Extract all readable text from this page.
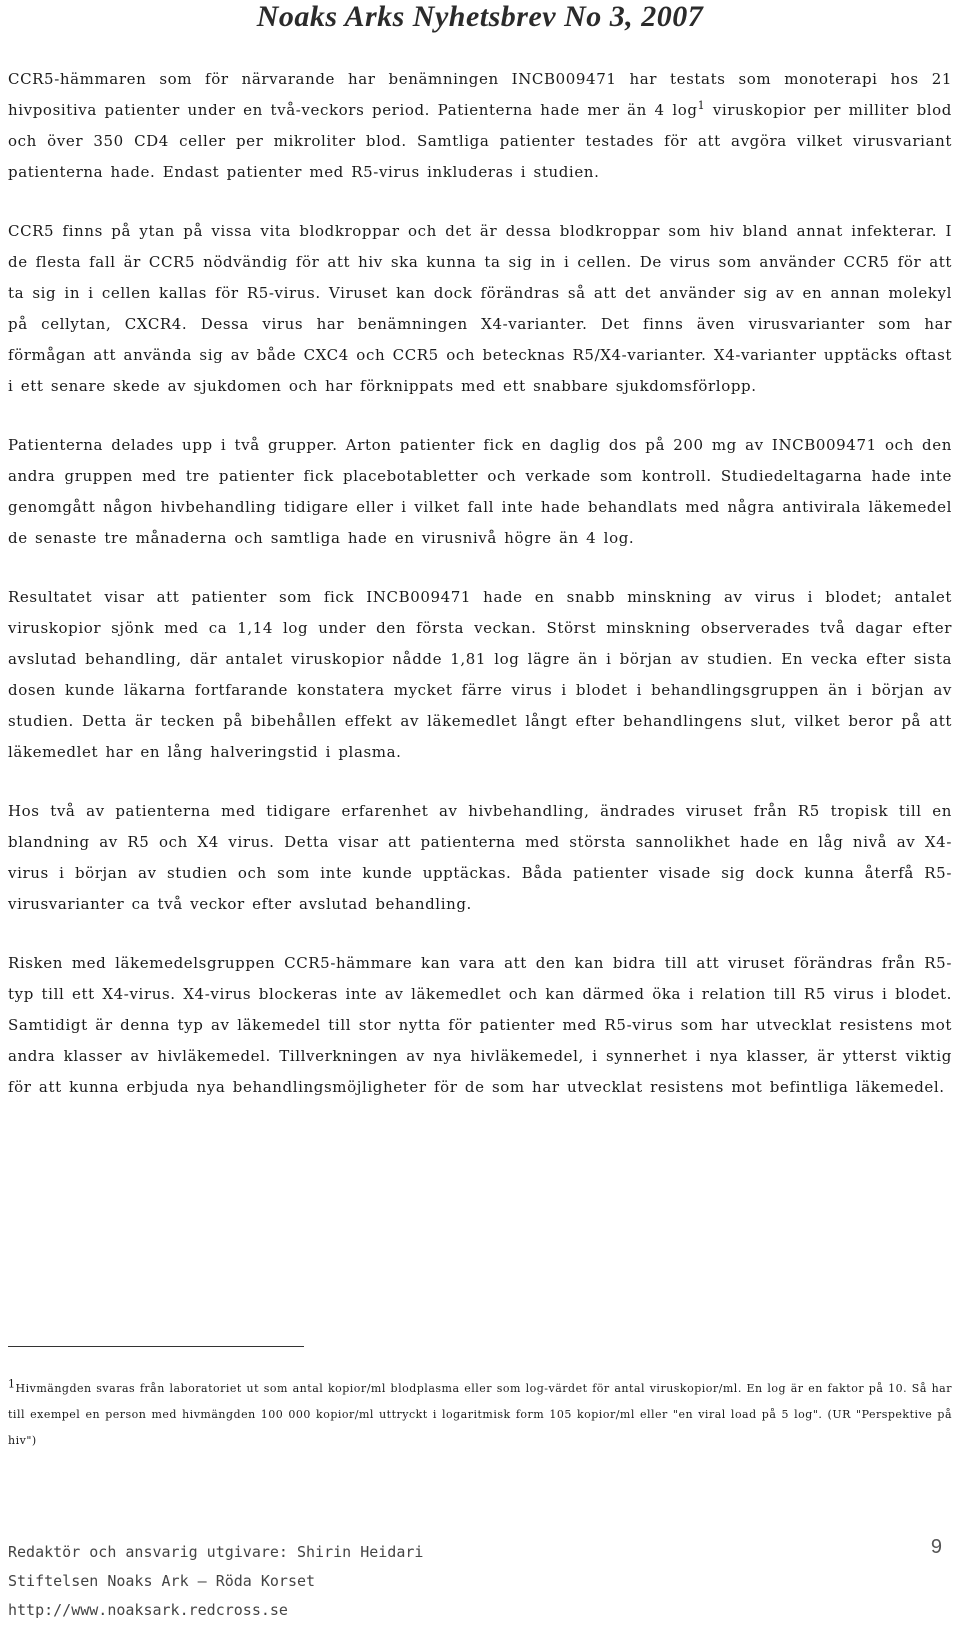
Noaks Arks Nyhetsbrev No 3, 2007

CCR5-hämmaren som för närvarande har benämningen INCB009471 har testats som monoterapi hos 21 hivpositiva patienter under en två-veckors period. Patienterna hade mer än 4 log$^1$ viruskopior per milliter blod och över 350 CD4 celler per mikroliter blod. Samtliga patienter testades för att avgöra vilket virusvariant patienterna hade. Endast patienter med R5-virus inkluderas i studien.

CCR5 finns på ytan på vissa vita blodkroppar och det är dessa blodkroppar som hiv bland annat infekterar. I de flesta fall är CCR5 nödvändig för att hiv ska kunna ta sig in i cellen. De virus som använder CCR5 för att ta sig in i cellen kallas för R5-virus. Viruset kan dock förändras så att det använder sig av en annan molekyl på cellytan, CXCR4. Dessa virus har benämningen X4-varianter. Det finns även virusvarianter som har förmågan att använda sig av både CXC4 och CCR5 och betecknas R5/X4-varianter. X4-varianter upptäcks oftast i ett senare skede av sjukdomen och har förknippats med ett snabbare sjukdomsförlopp.

Patienterna delades upp i två grupper. Arton patienter fick en daglig dos på 200 mg av INCB009471 och den andra gruppen med tre patienter fick placebotabletter och verkade som kontroll. Studiedeltagarna hade inte genomgått någon hivbehandling tidigare eller i vilket fall inte hade behandlats med några antivirala läkemedel de senaste tre månaderna och samtliga hade en virusnivå högre än 4 log.

Resultatet visar att patienter som fick INCB009471 hade en snabb minskning av virus i blodet; antalet viruskopior sjönk med ca 1,14 log under den första veckan. Störst minskning observerades två dagar efter avslutad behandling, där antalet viruskopior nådde 1,81 log lägre än i början av studien. En vecka efter sista dosen kunde läkarna fortfarande konstatera mycket färre virus i blodet i behandlingsgruppen än i början av studien. Detta är tecken på bibehållen effekt av läkemedlet långt efter behandlingens slut, vilket beror på att läkemedlet har en lång halveringstid i plasma.

Hos två av patienterna med tidigare erfarenhet av hivbehandling, ändrades viruset från R5 tropisk till en blandning av R5 och X4 virus. Detta visar att patienterna med största sannolikhet hade en låg nivå av X4-virus i början av studien och som inte kunde upptäckas. Båda patienter visade sig dock kunna återfå R5-virusvarianter ca två veckor efter avslutad behandling.

Risken med läkemedelsgruppen CCR5-hämmare kan vara att den kan bidra till att viruset förändras från R5-typ till ett X4-virus. X4-virus blockeras inte av läkemedlet och kan därmed öka i relation till R5 virus i blodet. Samtidigt är denna typ av läkemedel till stor nytta för patienter med R5-virus som har utvecklat resistens mot andra klasser av hivläkemedel. Tillverkningen av nya hivläkemedel, i synnerhet i nya klasser, är ytterst viktig för att kunna erbjuda nya behandlingsmöjligheter för de som har utvecklat resistens mot befintliga läkemedel.

$^1$Hivmängden svaras från laboratoriet ut som antal kopior/ml blodplasma eller som log-värdet för antal viruskopior/ml. En log är en faktor på 10. Så har till exempel en person med hivmängden 100 000 kopior/ml uttryckt i logaritmisk form 105 kopior/ml eller "en viral load på 5 log". (UR "Perspektive på hiv")

Redaktör och ansvarig utgivare: Shirin Heidari
Stiftelsen Noaks Ark – Röda Korset
http://www.noaksark.redcross.se
9
